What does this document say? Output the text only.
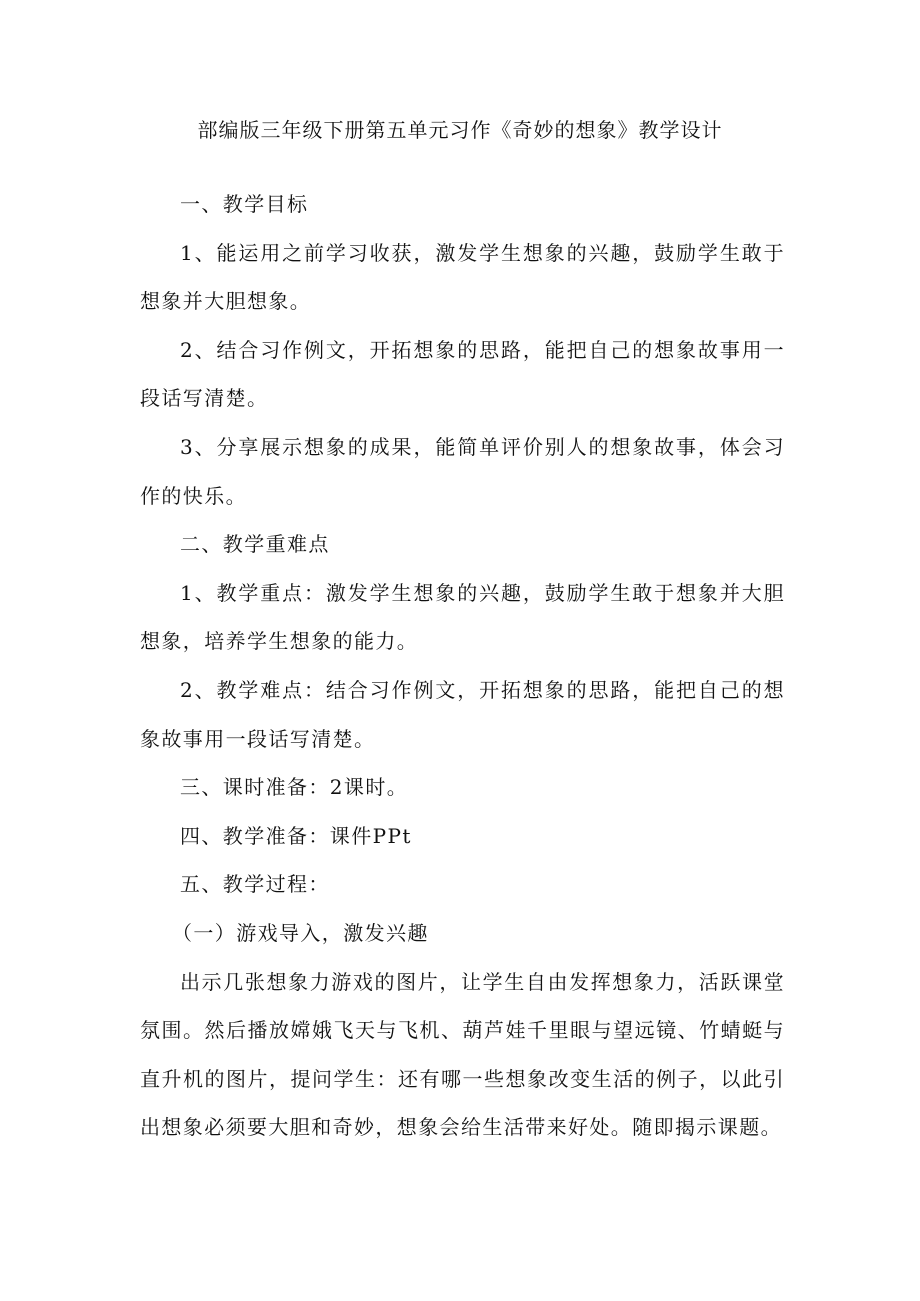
部编版三年级下册第五单元习作《奇妙的想象》教学设计

一、教学目标

1、能运用之前学习收获，激发学生想象的兴趣，鼓励学生敢于想象并大胆想象。

2、结合习作例文，开拓想象的思路，能把自己的想象故事用一段话写清楚。

3、分享展示想象的成果，能简单评价别人的想象故事，体会习作的快乐。

二、教学重难点

1、教学重点：激发学生想象的兴趣，鼓励学生敢于想象并大胆想象，培养学生想象的能力。

2、教学难点：结合习作例文，开拓想象的思路，能把自己的想象故事用一段话写清楚。

三、课时准备：2课时。

四、教学准备：课件PPt

五、教学过程：

（一）游戏导入，激发兴趣

出示几张想象力游戏的图片，让学生自由发挥想象力，活跃课堂氛围。然后播放嫦娥飞天与飞机、葫芦娃千里眼与望远镜、竹蜻蜓与直升机的图片，提问学生：还有哪一些想象改变生活的例子，以此引出想象必须要大胆和奇妙，想象会给生活带来好处。随即揭示课题。
